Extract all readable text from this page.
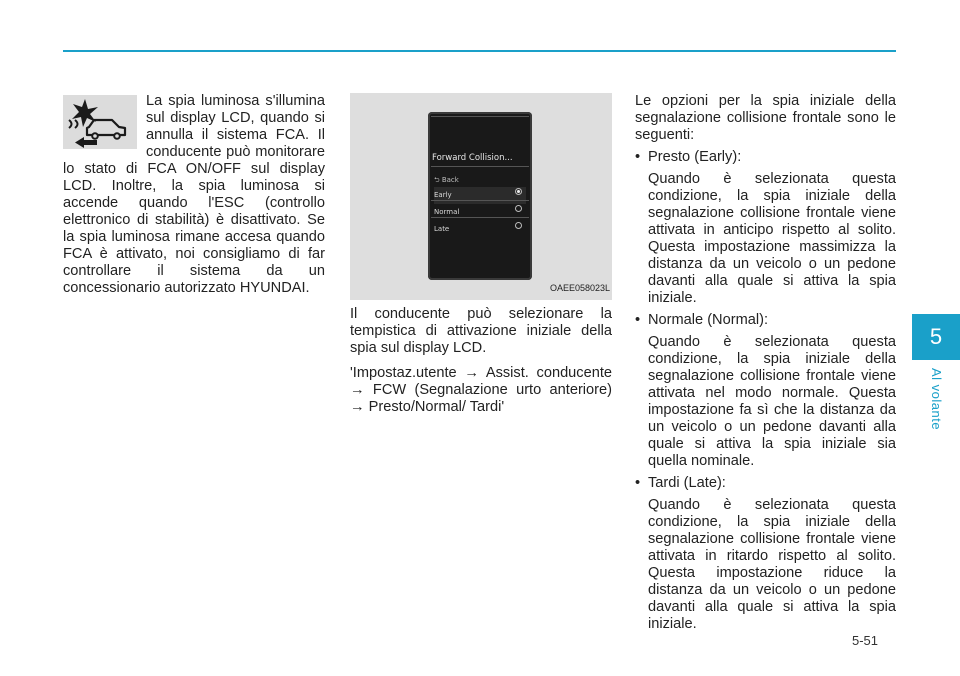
5
Al volante

La spia luminosa s'illumina sul display LCD, quando si annulla il sistema FCA. Il conducente può monitorare lo stato di FCA ON/OFF sul display LCD. Inoltre, la spia luminosa si accende quando l'ESC (controllo elettronico di stabilità) è disattivato. Se la spia luminosa rimane accesa quando FCA è attivato, noi consigliamo di far controllare il sistema da un concessionario autorizzato HYUNDAI.

Forward Collision...
⮌ Back
Early
Normal
Late
OAEE058023L

Il conducente può selezionare la tempistica di attivazione iniziale della spia sul display LCD.

'Impostaz.utente → Assist. conducente → FCW (Segnalazione urto anteriore) → Presto/Normal/ Tardi'

Le opzioni per la spia iniziale della segnalazione collisione frontale sono le seguenti:

• Presto (Early):

Quando è selezionata questa condizione, la spia iniziale della segnalazione collisione frontale viene attivata in anticipo rispetto al solito. Questa impostazione massimizza la distanza da un veicolo o un pedone davanti alla quale si attiva la spia iniziale.

• Normale (Normal):

Quando è selezionata questa condizione, la spia iniziale della segnalazione collisione frontale viene attivata nel modo normale. Questa impostazione fa sì che la distanza da un veicolo o un pedone davanti alla quale si attiva la spia iniziale sia quella nominale.

• Tardi (Late):

Quando è selezionata questa condizione, la spia iniziale della segnalazione collisione frontale viene attivata in ritardo rispetto al solito. Questa impostazione riduce la distanza da un veicolo o un pedone davanti alla quale si attiva la spia iniziale.

5-51
